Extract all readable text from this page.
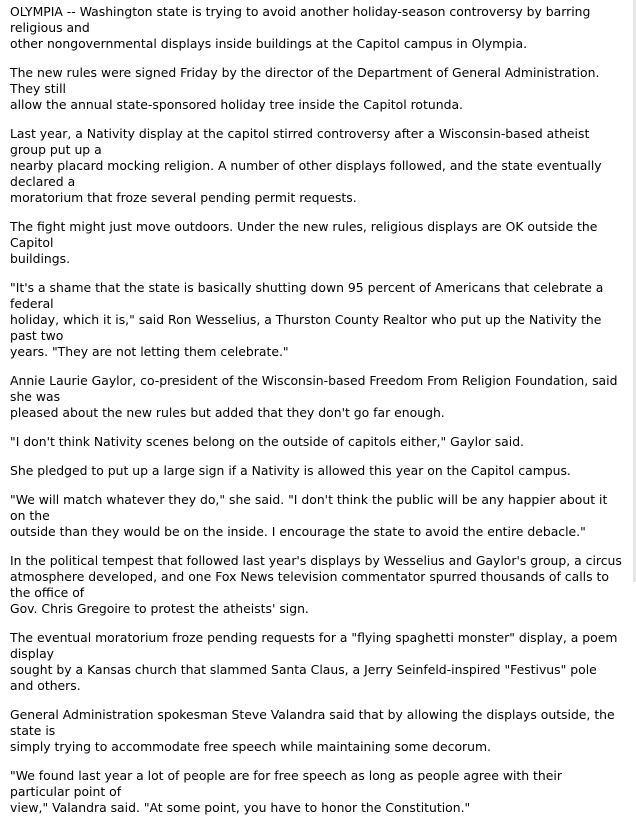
OLYMPIA -- Washington state is trying to avoid another holiday-season controversy by barring religious and
other nongovernmental displays inside buildings at the Capitol campus in Olympia.

The new rules were signed Friday by the director of the Department of General Administration. They still
allow the annual state-sponsored holiday tree inside the Capitol rotunda.

Last year, a Nativity display at the capitol stirred controversy after a Wisconsin-based atheist group put up a
nearby placard mocking religion. A number of other displays followed, and the state eventually declared a
moratorium that froze several pending permit requests.

The fight might just move outdoors. Under the new rules, religious displays are OK outside the Capitol
buildings.

"It's a shame that the state is basically shutting down 95 percent of Americans that celebrate a federal
holiday, which it is," said Ron Wesselius, a Thurston County Realtor who put up the Nativity the past two
years. "They are not letting them celebrate."

Annie Laurie Gaylor, co-president of the Wisconsin-based Freedom From Religion Foundation, said she was
pleased about the new rules but added that they don't go far enough.

"I don't think Nativity scenes belong on the outside of capitols either," Gaylor said.

She pledged to put up a large sign if a Nativity is allowed this year on the Capitol campus.

"We will match whatever they do," she said. "I don't think the public will be any happier about it on the
outside than they would be on the inside. I encourage the state to avoid the entire debacle."

In the political tempest that followed last year's displays by Wesselius and Gaylor's group, a circus
atmosphere developed, and one Fox News television commentator spurred thousands of calls to the office of
Gov. Chris Gregoire to protest the atheists' sign.

The eventual moratorium froze pending requests for a "flying spaghetti monster" display, a poem display
sought by a Kansas church that slammed Santa Claus, a Jerry Seinfeld-inspired "Festivus" pole and others.

General Administration spokesman Steve Valandra said that by allowing the displays outside, the state is
simply trying to accommodate free speech while maintaining some decorum.

"We found last year a lot of people are for free speech as long as people agree with their particular point of
view," Valandra said. "At some point, you have to honor the Constitution."
